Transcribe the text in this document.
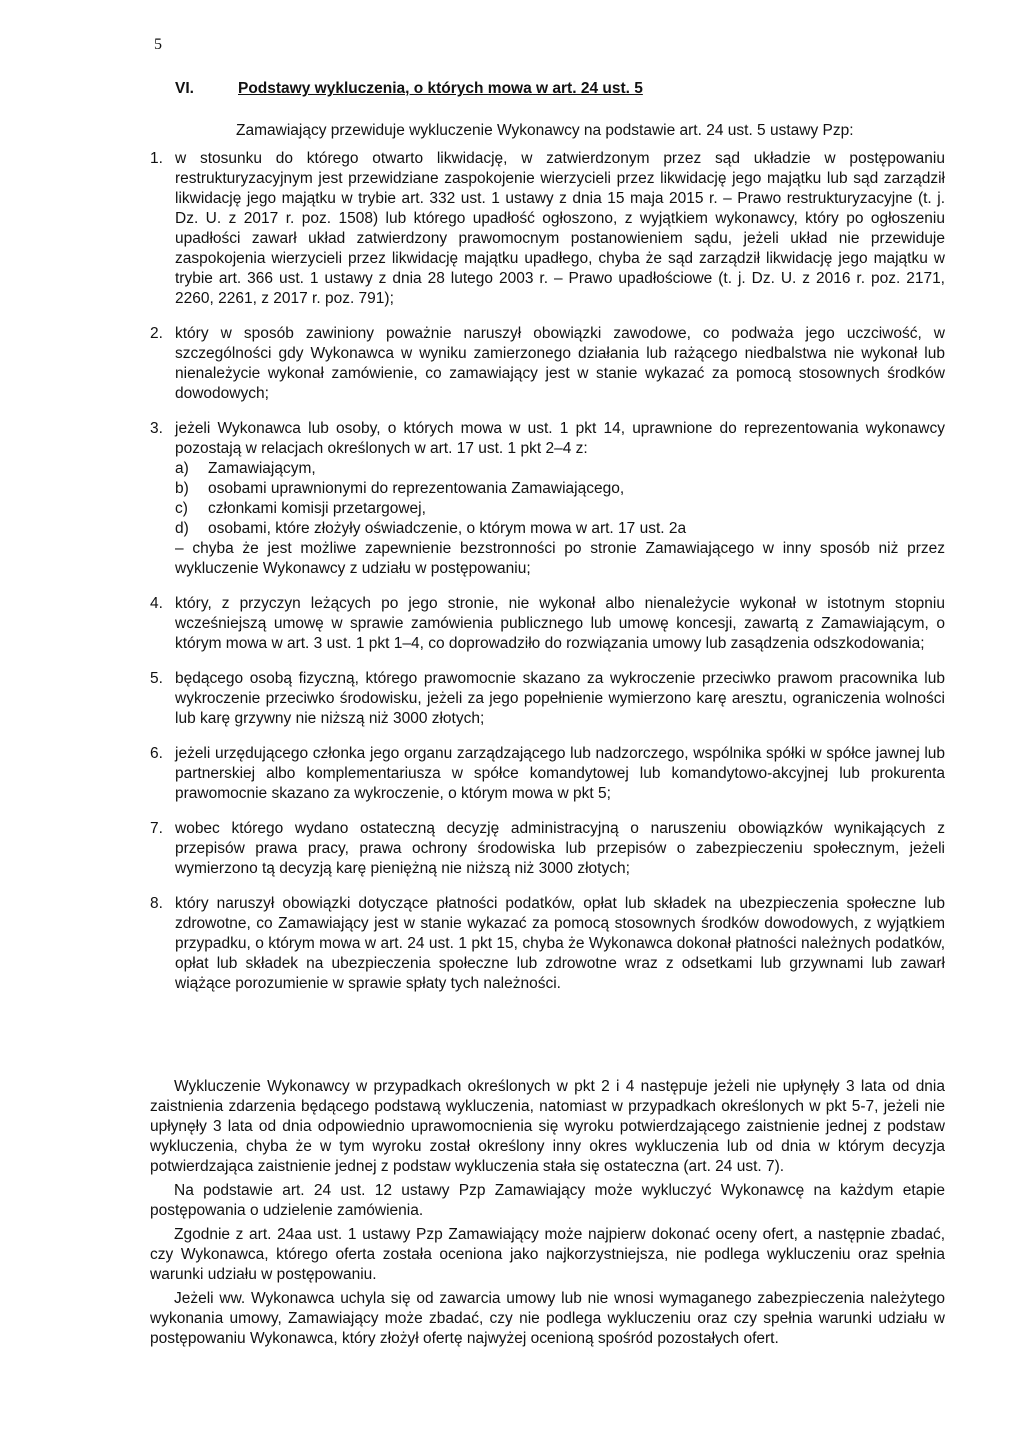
5
VI.	Podstawy wykluczenia, o których mowa w art. 24 ust. 5
Zamawiający przewiduje wykluczenie Wykonawcy na podstawie art. 24 ust. 5 ustawy Pzp:
1. w stosunku do którego otwarto likwidację, w zatwierdzonym przez sąd układzie w postępowaniu restrukturyzacyjnym jest przewidziane zaspokojenie wierzycieli przez likwidację jego majątku lub sąd zarządził likwidację jego majątku w trybie art. 332 ust. 1 ustawy z dnia 15 maja 2015 r. – Prawo restrukturyzacyjne (t. j. Dz. U. z 2017 r. poz. 1508) lub którego upadłość ogłoszono, z wyjątkiem wykonawcy, który po ogłoszeniu upadłości zawarł układ zatwierdzony prawomocnym postanowieniem sądu, jeżeli układ nie przewiduje zaspokojenia wierzycieli przez likwidację majątku upadłego, chyba że sąd zarządził likwidację jego majątku w trybie art. 366 ust. 1 ustawy z dnia 28 lutego 2003 r. – Prawo upadłościowe (t. j. Dz. U. z 2016 r. poz. 2171, 2260, 2261, z 2017 r. poz. 791);
2. który w sposób zawiniony poważnie naruszył obowiązki zawodowe, co podważa jego uczciwość, w szczególności gdy Wykonawca w wyniku zamierzonego działania lub rażącego niedbalstwa nie wykonał lub nienależycie wykonał zamówienie, co zamawiający jest w stanie wykazać za pomocą stosownych środków dowodowych;
3. jeżeli Wykonawca lub osoby, o których mowa w ust. 1 pkt 14, uprawnione do reprezentowania wykonawcy pozostają w relacjach określonych w art. 17 ust. 1 pkt 2–4 z:
a)	Zamawiającym,
b)	osobami uprawnionymi do reprezentowania Zamawiającego,
c)	członkami komisji przetargowej,
d)	osobami, które złożyły oświadczenie, o którym mowa w art. 17 ust. 2a
– chyba że jest możliwe zapewnienie bezstronności po stronie Zamawiającego w inny sposób niż przez wykluczenie Wykonawcy z udziału w postępowaniu;
4. który, z przyczyn leżących po jego stronie, nie wykonał albo nienależycie wykonał w istotnym stopniu wcześniejszą umowę w sprawie zamówienia publicznego lub umowę koncesji, zawartą z Zamawiającym, o którym mowa w art. 3 ust. 1 pkt 1–4, co doprowadziło do rozwiązania umowy lub zasądzenia odszkodowania;
5. będącego osobą fizyczną, którego prawomocnie skazano za wykroczenie przeciwko prawom pracownika lub wykroczenie przeciwko środowisku, jeżeli za jego popełnienie wymierzono karę aresztu, ograniczenia wolności lub karę grzywny nie niższą niż 3000 złotych;
6. jeżeli urzędującego członka jego organu zarządzającego lub nadzorczego, wspólnika spółki w spółce jawnej lub partnerskiej albo komplementariusza w spółce komandytowej lub komandytowo-akcyjnej lub prokurenta prawomocnie skazano za wykroczenie, o którym mowa w pkt 5;
7. wobec którego wydano ostateczną decyzję administracyjną o naruszeniu obowiązków wynikających z przepisów prawa pracy, prawa ochrony środowiska lub przepisów o zabezpieczeniu społecznym, jeżeli wymierzono tą decyzją karę pieniężną nie niższą niż 3000 złotych;
8. który naruszył obowiązki dotyczące płatności podatków, opłat lub składek na ubezpieczenia społeczne lub zdrowotne, co Zamawiający jest w stanie wykazać za pomocą stosownych środków dowodowych, z wyjątkiem przypadku, o którym mowa w art. 24 ust. 1 pkt 15, chyba że Wykonawca dokonał płatności należnych podatków, opłat lub składek na ubezpieczenia społeczne lub zdrowotne wraz z odsetkami lub grzywnami lub zawarł wiążące porozumienie w sprawie spłaty tych należności.

Wykluczenie Wykonawcy w przypadkach określonych w pkt 2 i 4 następuje jeżeli nie upłynęły 3 lata od dnia zaistnienia zdarzenia będącego podstawą wykluczenia, natomiast w przypadkach określonych w pkt 5-7, jeżeli nie upłynęły 3 lata od dnia odpowiednio uprawomocnienia się wyroku potwierdzającego zaistnienie jednej z podstaw wykluczenia, chyba że w tym wyroku został określony inny okres wykluczenia lub od dnia w którym decyzja potwierdzająca zaistnienie jednej z podstaw wykluczenia stała się ostateczna (art. 24 ust. 7).

Na podstawie art. 24 ust. 12 ustawy Pzp Zamawiający może wykluczyć Wykonawcę na każdym etapie postępowania o udzielenie zamówienia.

Zgodnie z art. 24aa ust. 1 ustawy Pzp Zamawiający może najpierw dokonać oceny ofert, a następnie zbadać, czy Wykonawca, którego oferta została oceniona jako najkorzystniejsza, nie podlega wykluczeniu oraz spełnia warunki udziału w postępowaniu.

Jeżeli ww. Wykonawca uchyla się od zawarcia umowy lub nie wnosi wymaganego zabezpieczenia należytego wykonania umowy, Zamawiający może zbadać, czy nie podlega wykluczeniu oraz czy spełnia warunki udziału w postępowaniu Wykonawca, który złożył ofertę najwyżej ocenioną spośród pozostałych ofert.
